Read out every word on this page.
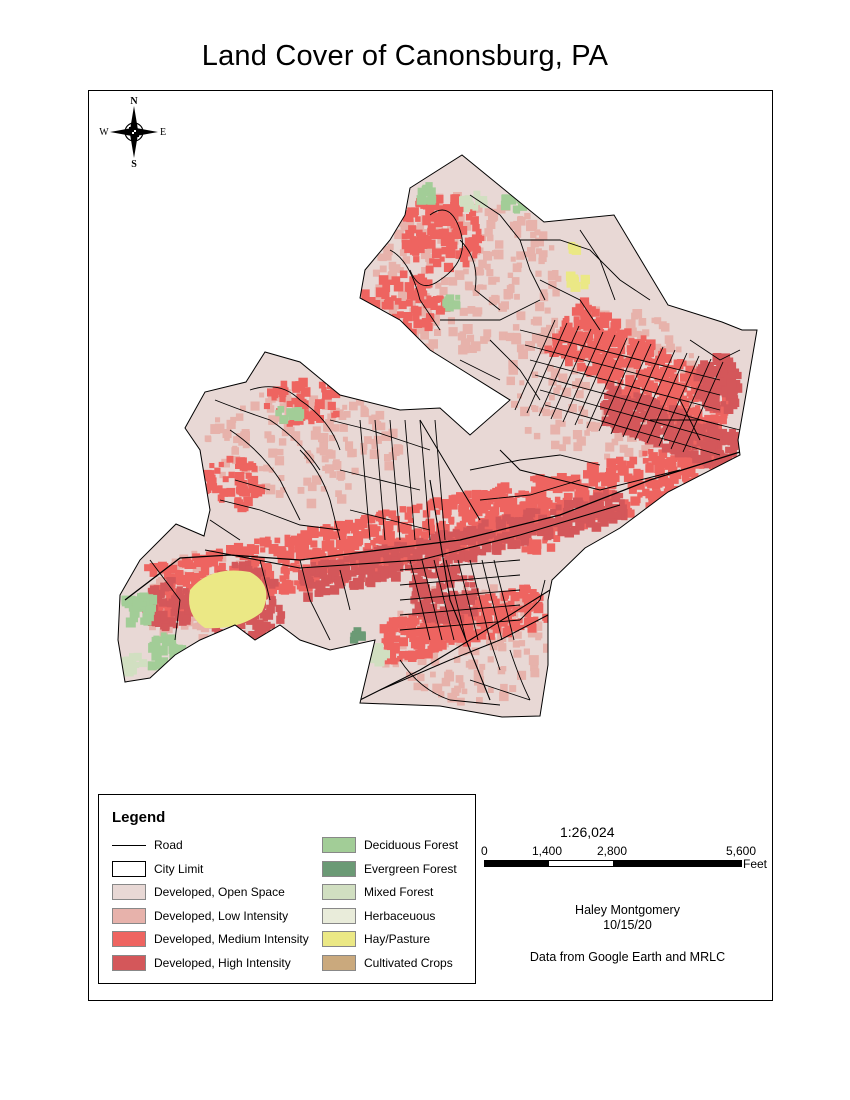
Land Cover of Canonsburg, PA
N
S
W	E
Legend
Road
City Limit
Developed, Open Space
Developed, Low Intensity
Developed, Medium Intensity
Developed, High Intensity
Deciduous Forest
Evergreen Forest
Mixed Forest
Herbaceuous
Hay/Pasture
Cultivated Crops
1:26,024
0	1,400	2,800	5,600
Feet
Haley Montgomery
10/15/20
Data from Google Earth and MRLC
